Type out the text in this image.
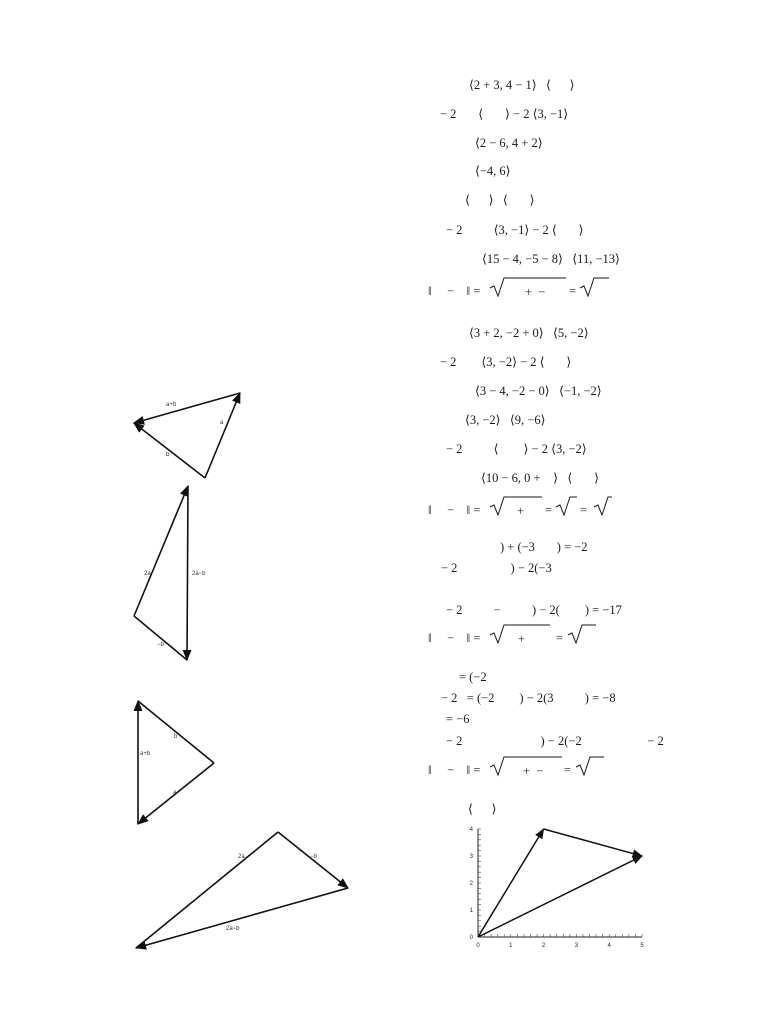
⟨2 + 3, 4 − 1⟩   ⟨      ⟩
− 2       ⟨       ⟩ − 2 ⟨3, −1⟩
⟨2 − 6, 4 + 2⟩
⟨−4, 6⟩
⟨      ⟩   ⟨       ⟩
− 2          ⟨3, −1⟩ − 2 ⟨       ⟩
⟨15 − 4, −5 − 8⟩   ⟨11, −13⟩
‖     −    ‖ =	+  − =
⟨3 + 2, −2 + 0⟩   ⟨5, −2⟩
− 2        ⟨3, −2⟩ − 2 ⟨       ⟩
⟨3 − 4, −2 − 0⟩   ⟨−1, −2⟩
⟨3, −2⟩   ⟨9, −6⟩
− 2          ⟨        ⟩ − 2 ⟨3, −2⟩
⟨10 − 6, 0 +    ⟩   ⟨       ⟩
‖     −    ‖ =	+ = =
) + (−3       ) = −2
− 2                 ) − 2(−3
− 2          −          ) − 2(        ) = −17
‖     −    ‖ =	+ =
= (−2
− 2   = (−2        ) − 2(3          ) = −8
= −6
− 2                         ) − 2(−2                     − 2
‖     −    ‖ =	+  − =
⟨      ⟩
a+b
a
b
2a	2a−b
−b
a+b
b
a
2a	−b
2a−b
0	1	2	3	4	5
0
1
2
3
4
